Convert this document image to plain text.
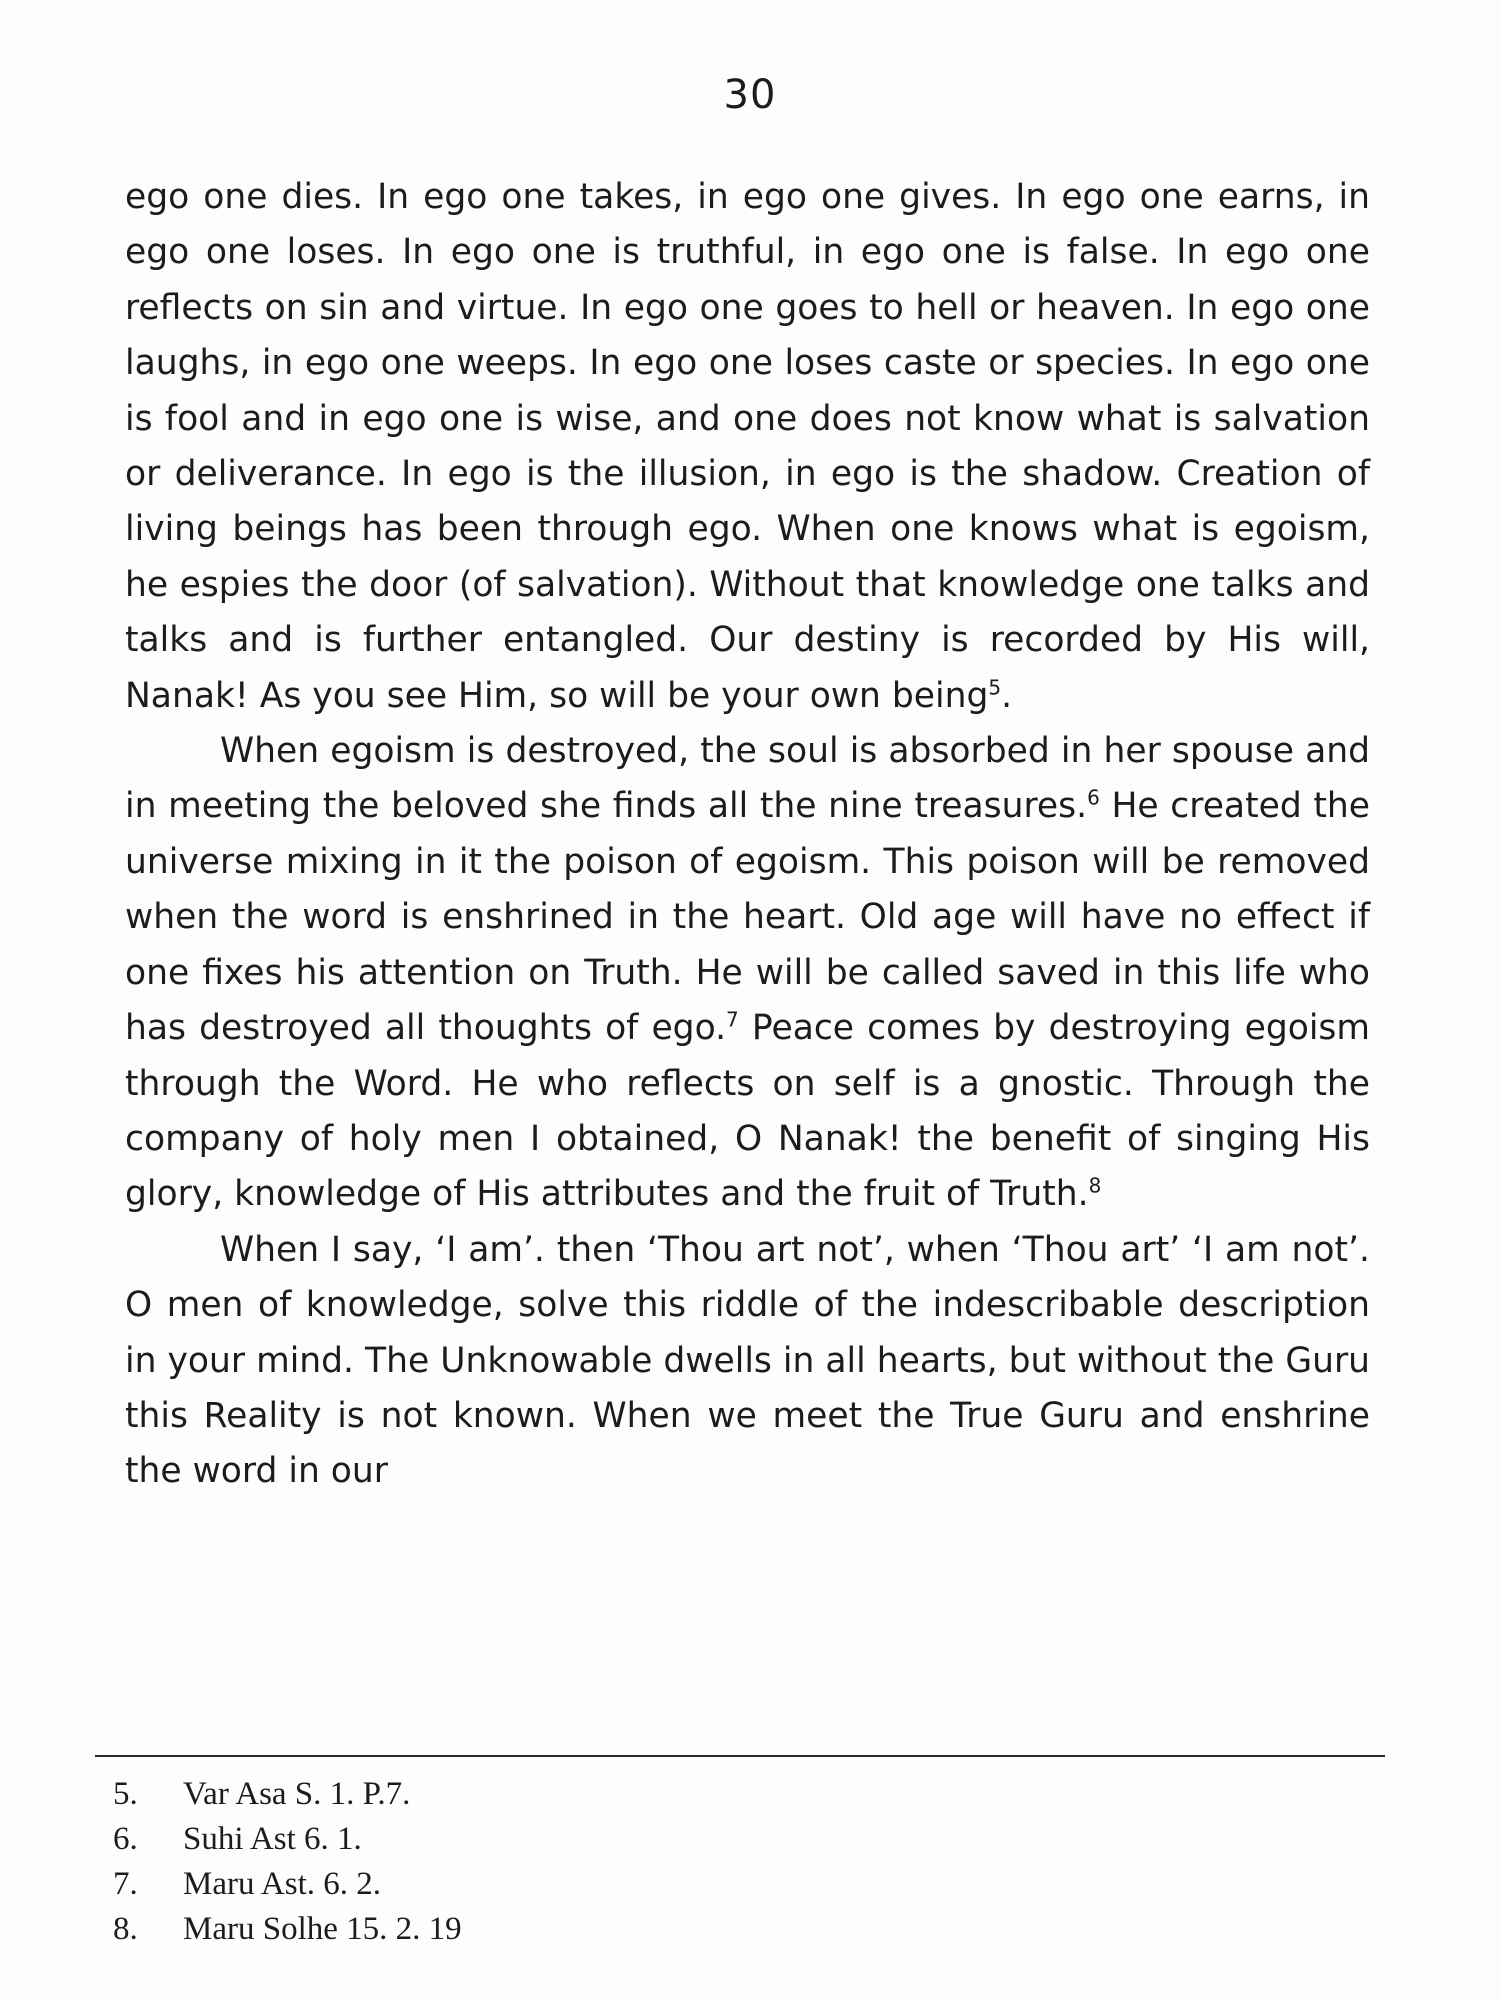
30

ego one dies. In ego one takes, in ego one gives. In ego one earns, in ego one loses. In ego one is truthful, in ego one is false. In ego one reflects on sin and virtue. In ego one goes to hell or heaven. In ego one laughs, in ego one weeps. In ego one loses caste or species. In ego one is fool and in ego one is wise, and one does not know what is salvation or deliverance. In ego is the illusion, in ego is the shadow. Creation of living beings has been through ego. When one knows what is egoism, he espies the door (of salvation). Without that knowledge one talks and talks and is further entangled. Our destiny is recorded by His will, Nanak! As you see Him, so will be your own being$^5$.

When egoism is destroyed, the soul is absorbed in her spouse and in meeting the beloved she finds all the nine treasures.$^6$ He created the universe mixing in it the poison of egoism. This poison will be removed when the word is enshrined in the heart. Old age will have no effect if one fixes his attention on Truth. He will be called saved in this life who has destroyed all thoughts of ego.$^7$ Peace comes by destroying egoism through the Word. He who reflects on self is a gnostic. Through the company of holy men I obtained, O Nanak! the benefit of singing His glory, knowledge of His attributes and the fruit of Truth.$^8$

When I say, ‘I am’. then ‘Thou art not’, when ‘Thou art’ ‘I am not’. O men of knowledge, solve this riddle of the indescribable description in your mind. The Unknowable dwells in all hearts, but without the Guru this Reality is not known. When we meet the True Guru and enshrine the word in our

5.	Var Asa S. 1. P.7.
6.	Suhi Ast 6. 1.
7.	Maru Ast. 6. 2.
8.	Maru Solhe 15. 2. 19
